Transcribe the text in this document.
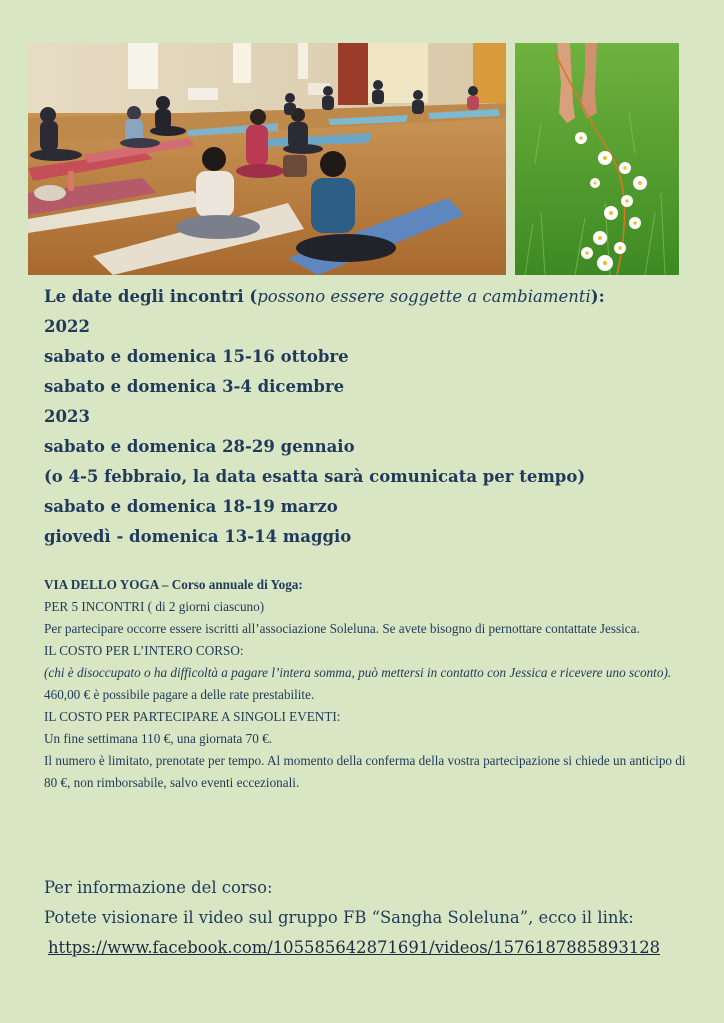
Le date degli incontri (possono essere soggette a cambiamenti):
2022
sabato e domenica 15-16 ottobre
sabato e domenica 3-4 dicembre
2023
sabato e domenica 28-29 gennaio
(o 4-5 febbraio, la data esatta sarà comunicata per tempo)
sabato e domenica 18-19 marzo
giovedì - domenica 13-14 maggio

VIA DELLO YOGA – Corso annuale di Yoga:

PER 5 INCONTRI ( di 2 giorni ciascuno)

Per partecipare occorre essere iscritti all’associazione Soleluna. Se avete bisogno di pernottare contattate Jessica.

IL COSTO PER L’INTERO CORSO:

(chi è disoccupato o ha difficoltà a pagare l’intera somma, può mettersi in contatto con Jessica e ricevere uno sconto).

460,00 € è possibile pagare a delle rate prestabilite.

IL COSTO PER PARTECIPARE A SINGOLI EVENTI:

Un fine settimana 110 €, una giornata 70 €.

Il numero è limitato, prenotate per tempo. Al momento della conferma della vostra partecipazione si chiede un anticipo di 80 €, non rimborsabile, salvo eventi eccezionali.

Per informazione del corso:
Potete visionare il video sul gruppo FB “Sangha Soleluna”, ecco il link:
https://www.facebook.com/105585642871691/videos/1576187885893128
